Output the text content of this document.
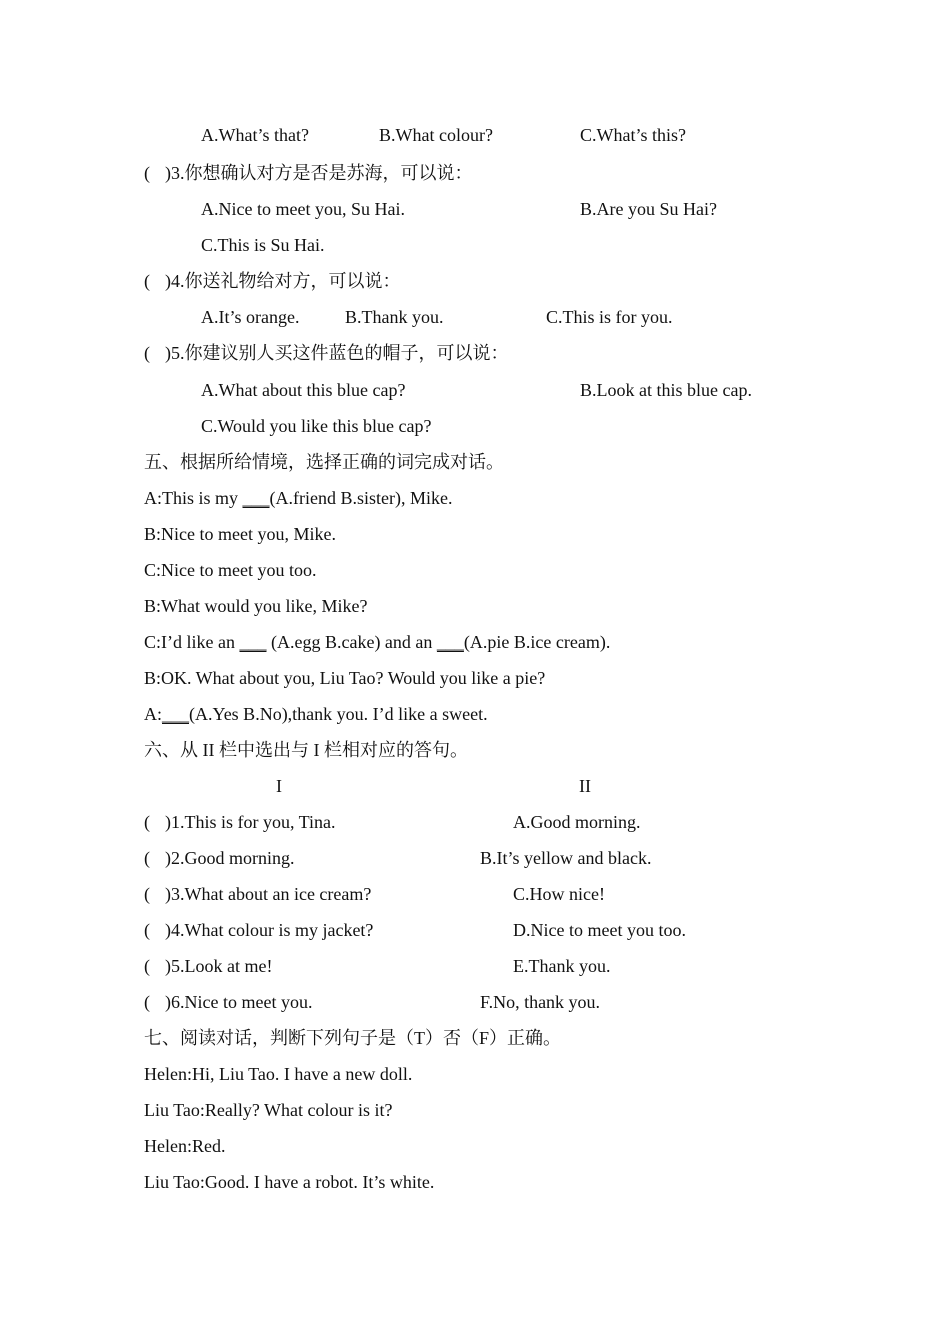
A.What’s that?	B.What colour?	C.What’s this?
( )3.你想确认对方是否是苏海，可以说：
A.Nice to meet you, Su Hai.	B.Are you Su Hai?
C.This is Su Hai.
( )4.你送礼物给对方，可以说：
A.It’s orange.	B.Thank you.	C.This is for you.
( )5.你建议别人买这件蓝色的帽子，可以说：
A.What about this blue cap?	B.Look at this blue cap.
C.Would you like this blue cap?
五、根据所给情境，选择正确的词完成对话。
A:This is my ___(A.friend B.sister), Mike.
B:Nice to meet you, Mike.
C:Nice to meet you too.
B:What would you like, Mike?
C:I’d like an ___ (A.egg B.cake) and an ___(A.pie B.ice cream).
B:OK. What about you, Liu Tao? Would you like a pie?
A:___(A.Yes B.No),thank you. I’d like a sweet.
六、从 II 栏中选出与 I 栏相对应的答句。
I	II
( )1.This is for you, Tina.	A.Good morning.
( )2.Good morning.	B.It’s yellow and black.
( )3.What about an ice cream?	C.How nice!
( )4.What colour is my jacket?	D.Nice to meet you too.
( )5.Look at me!	E.Thank you.
( )6.Nice to meet you.	F.No, thank you.
七、阅读对话，判断下列句子是（T）否（F）正确。
Helen:Hi, Liu Tao. I have a new doll.
Liu Tao:Really? What colour is it?
Helen:Red.
Liu Tao:Good. I have a robot. It’s white.
